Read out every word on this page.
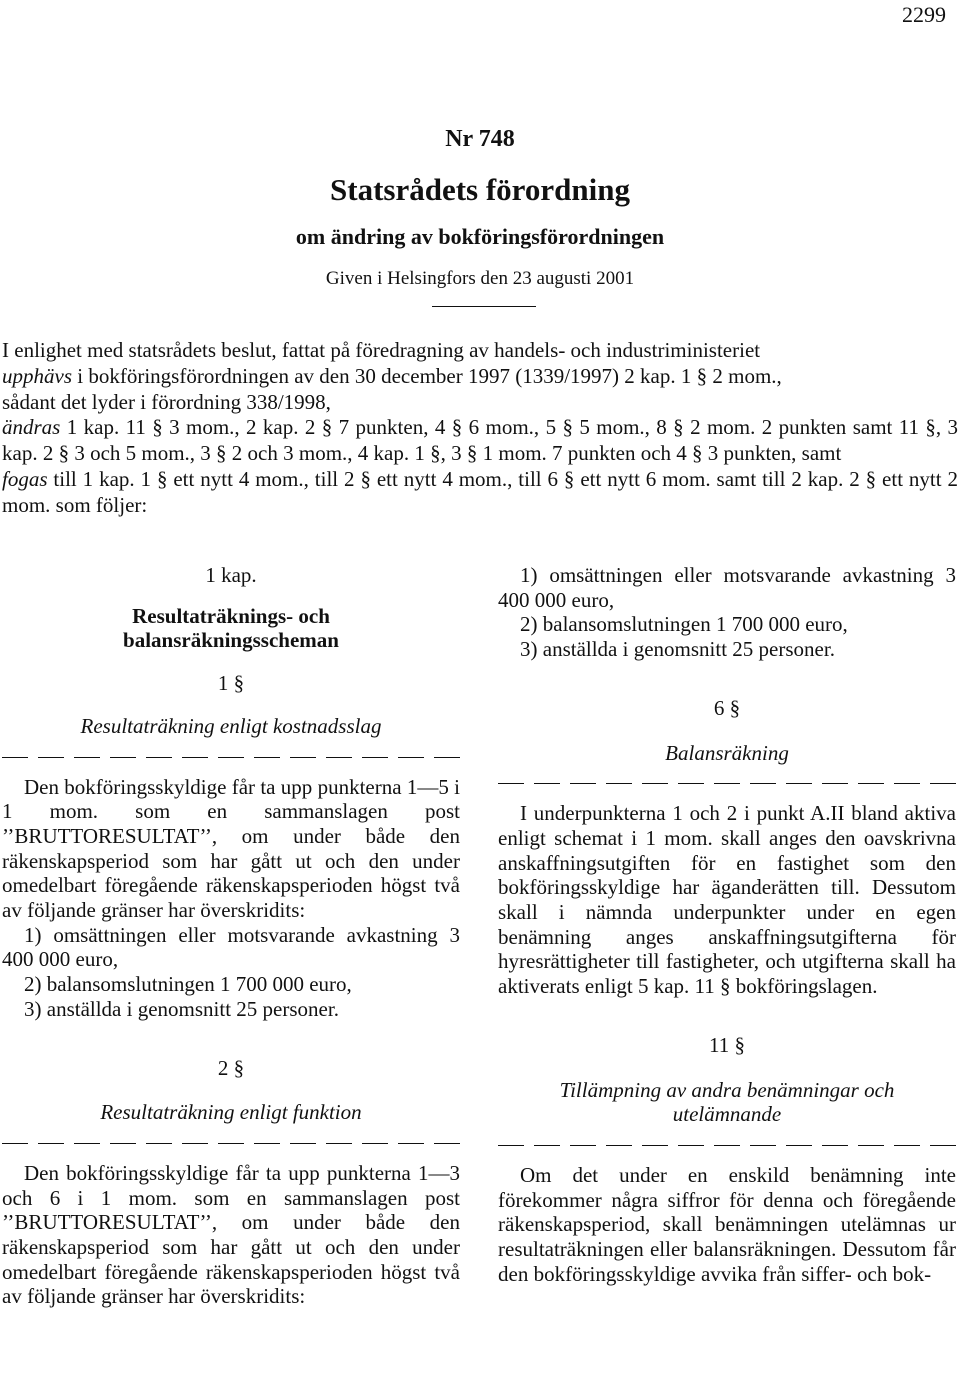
2299
Nr 748
Statsrådets förordning
om ändring av bokföringsförordningen
Given i Helsingfors den 23 augusti 2001

I enlighet med statsrådets beslut, fattat på föredragning av handels- och industriministeriet

upphävs i bokföringsförordningen av den 30 december 1997 (1339/1997) 2 kap. 1 § 2 mom.,

sådant det lyder i förordning 338/1998,

ändras 1 kap. 11 § 3 mom., 2 kap. 2 § 7 punkten, 4 § 6 mom., 5 § 5 mom., 8 § 2 mom. 2 punkten samt 11 §, 3 kap. 2 § 3 och 5 mom., 3 § 2 och 3 mom., 4 kap. 1 §, 3 § 1 mom. 7 punkten och 4 § 3 punkten, samt

fogas till 1 kap. 1 § ett nytt 4 mom., till 2 § ett nytt 4 mom., till 6 § ett nytt 6 mom. samt till 2 kap. 2 § ett nytt 2 mom. som följer:

1 kap.

Resultaträknings- och balansräkningsscheman

1 §

Resultaträkning enligt kostnadsslag

Den bokföringsskyldige får ta upp punkterna 1—5 i 1 mom. som en sammanslagen post ’’BRUTTORESULTAT’’, om under både den räkenskapsperiod som har gått ut och den under omedelbart föregående räkenskapsperioden högst två av följande gränser har överskridits:

1) omsättningen eller motsvarande avkastning 3 400 000 euro,

2) balansomslutningen 1 700 000 euro,

3) anställda i genomsnitt 25 personer.

2 §

Resultaträkning enligt funktion

Den bokföringsskyldige får ta upp punkterna 1—3 och 6 i 1 mom. som en sammanslagen post ’’BRUTTORESULTAT’’, om under både den räkenskapsperiod som har gått ut och den under omedelbart föregående räkenskapsperioden högst två av följande gränser har överskridits:

1) omsättningen eller motsvarande avkastning 3 400 000 euro,

2) balansomslutningen 1 700 000 euro,

3) anställda i genomsnitt 25 personer.

6 §

Balansräkning

I underpunkterna 1 och 2 i punkt A.II bland aktiva enligt schemat i 1 mom. skall anges den oavskrivna anskaffningsutgiften för en fastighet som den bokföringsskyldige har äganderätten till. Dessutom skall i nämnda underpunkter under en egen benämning anges anskaffningsutgifterna för hyresrättigheter till fastigheter, och utgifterna skall ha aktiverats enligt 5 kap. 11 § bokföringslagen.

11 §

Tillämpning av andra benämningar och utelämnande

Om det under en enskild benämning inte förekommer några siffror för denna och föregående räkenskapsperiod, skall benämningen utelämnas ur resultaträkningen eller balansräkningen. Dessutom får den bokföringsskyldige avvika från siffer- och bok-
